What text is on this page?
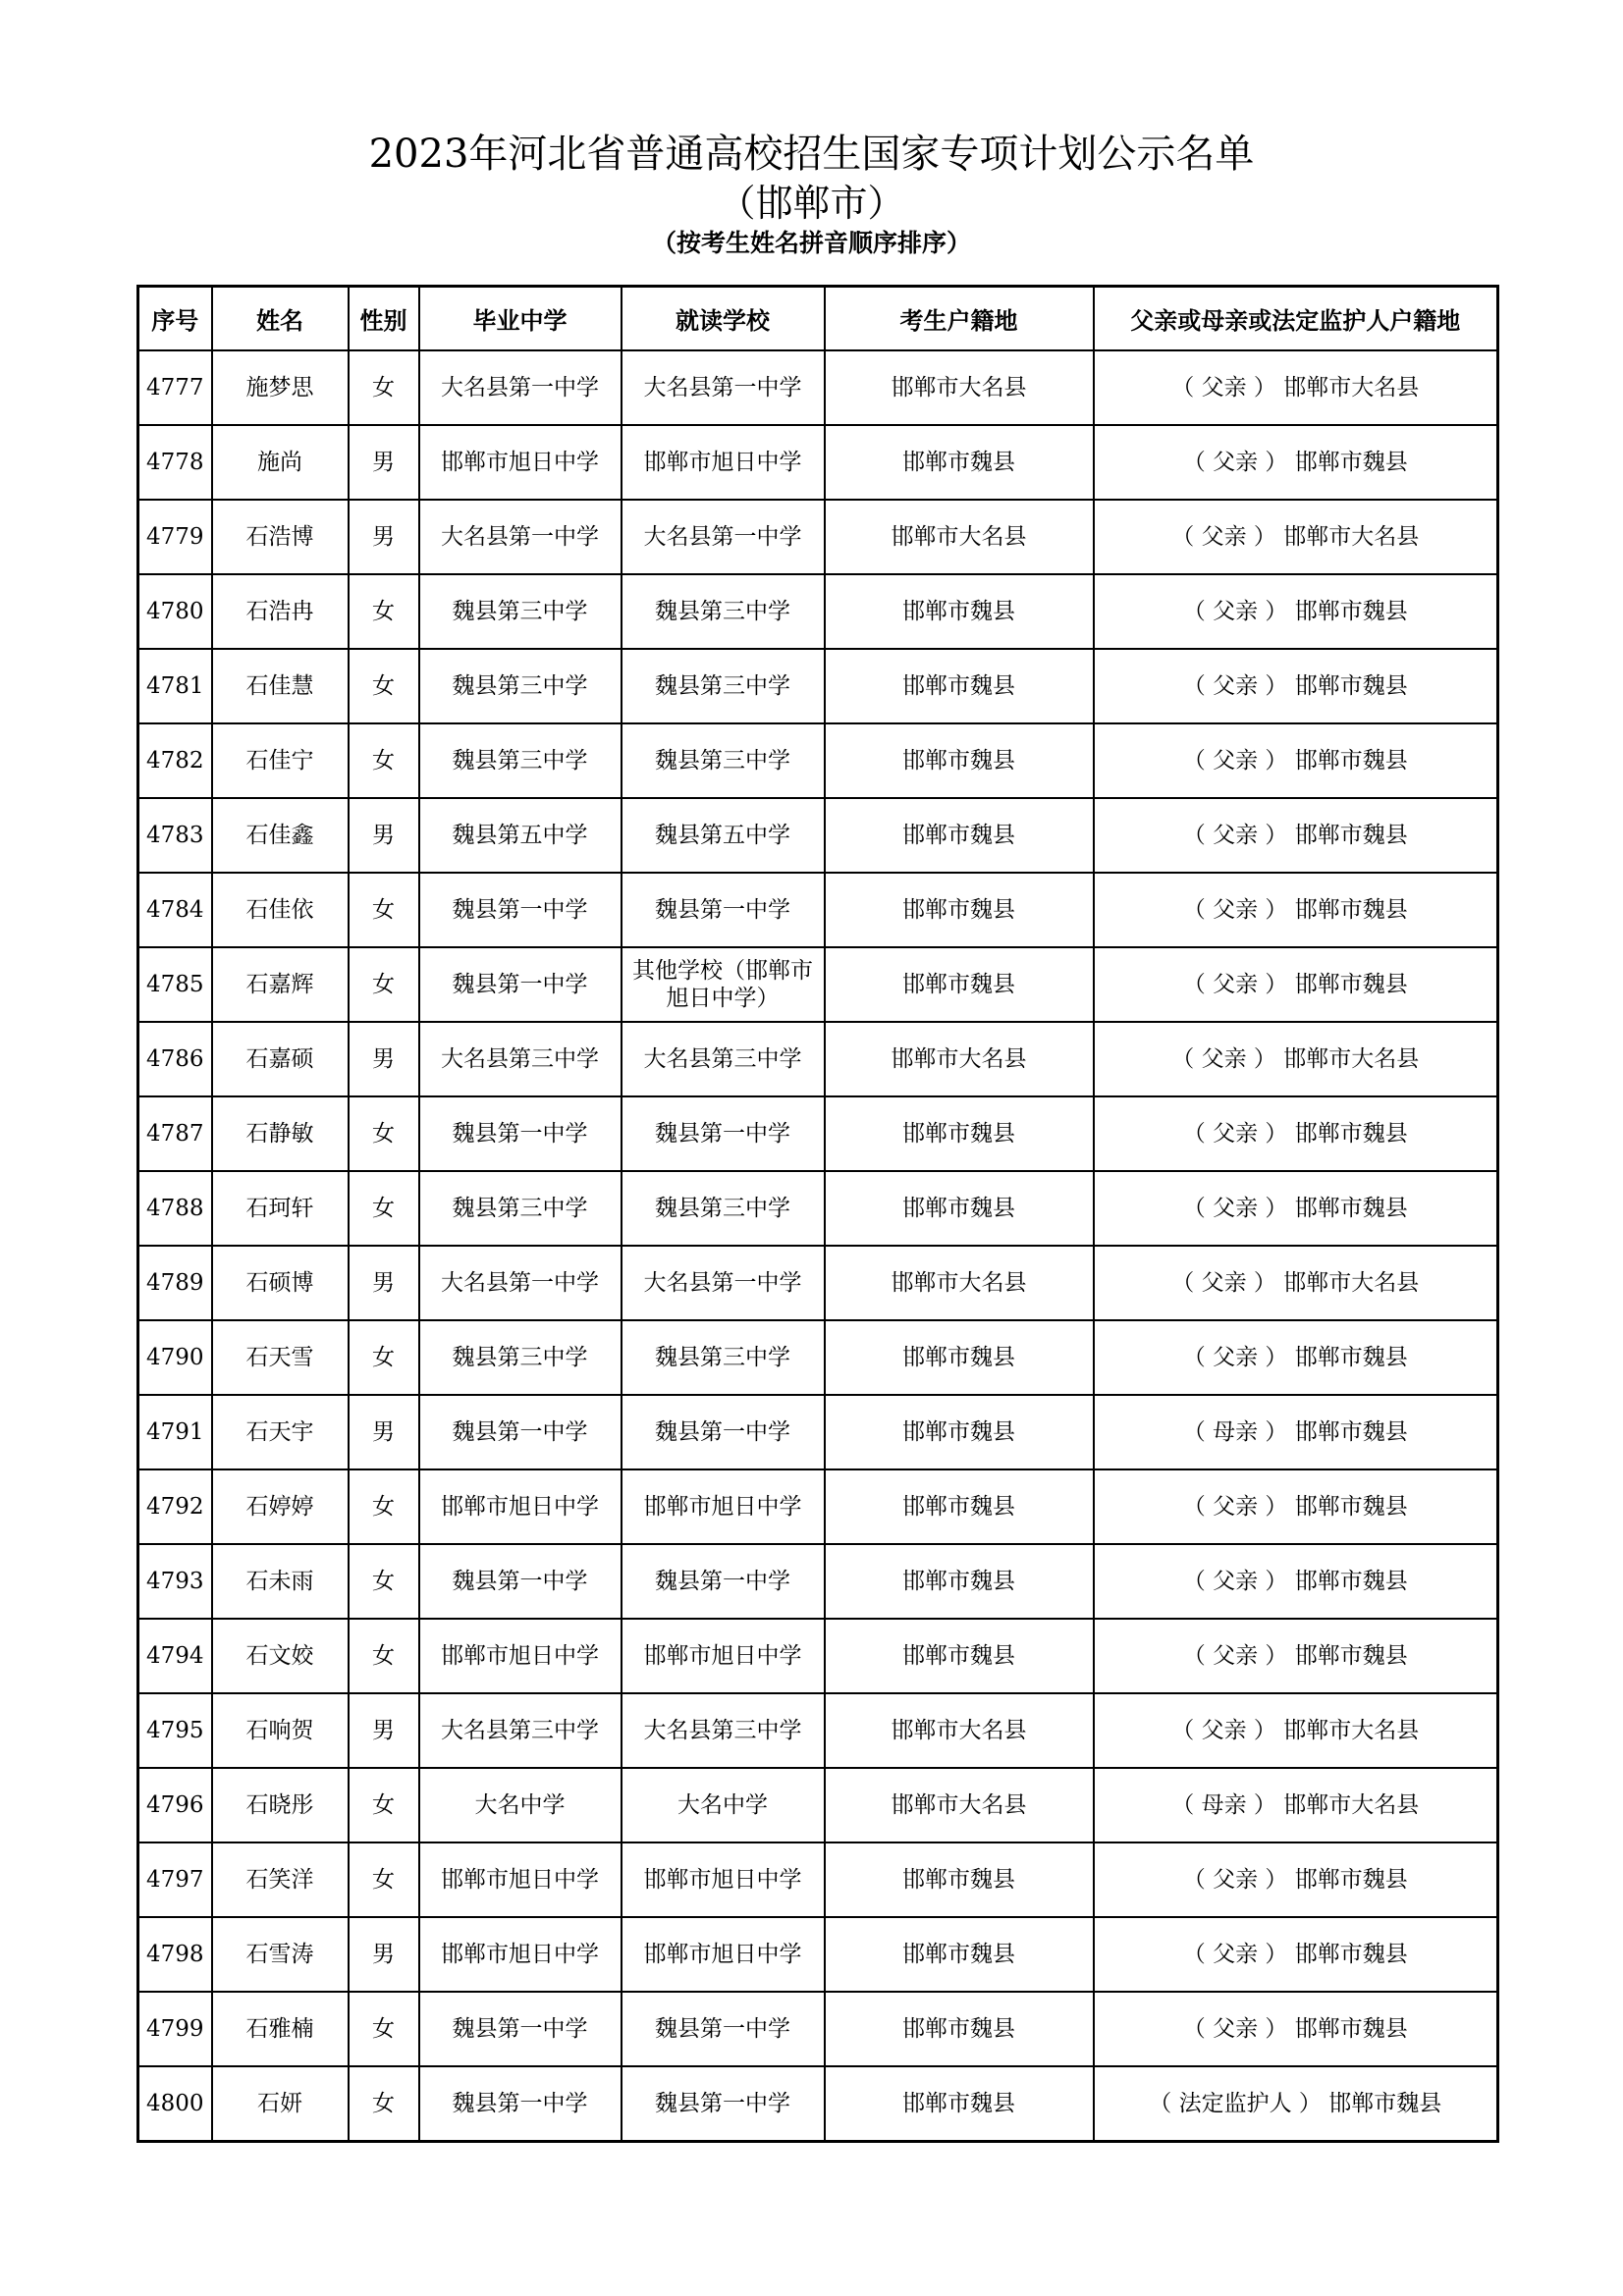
2023年河北省普通高校招生国家专项计划公示名单
（邯郸市）
（按考生姓名拼音顺序排序）
序号	姓名	性别	毕业中学	就读学校	考生户籍地	父亲或母亲或法定监护人户籍地
4777	施梦思	女	大名县第一中学	大名县第一中学	邯郸市大名县	（ 父亲 ） 邯郸市大名县
4778	施尚	男	邯郸市旭日中学	邯郸市旭日中学	邯郸市魏县	（ 父亲 ） 邯郸市魏县
4779	石浩博	男	大名县第一中学	大名县第一中学	邯郸市大名县	（ 父亲 ） 邯郸市大名县
4780	石浩冉	女	魏县第三中学	魏县第三中学	邯郸市魏县	（ 父亲 ） 邯郸市魏县
4781	石佳慧	女	魏县第三中学	魏县第三中学	邯郸市魏县	（ 父亲 ） 邯郸市魏县
4782	石佳宁	女	魏县第三中学	魏县第三中学	邯郸市魏县	（ 父亲 ） 邯郸市魏县
4783	石佳鑫	男	魏县第五中学	魏县第五中学	邯郸市魏县	（ 父亲 ） 邯郸市魏县
4784	石佳依	女	魏县第一中学	魏县第一中学	邯郸市魏县	（ 父亲 ） 邯郸市魏县
4785	石嘉辉	女	魏县第一中学	其他学校（邯郸市旭日中学）	邯郸市魏县	（ 父亲 ） 邯郸市魏县
4786	石嘉硕	男	大名县第三中学	大名县第三中学	邯郸市大名县	（ 父亲 ） 邯郸市大名县
4787	石静敏	女	魏县第一中学	魏县第一中学	邯郸市魏县	（ 父亲 ） 邯郸市魏县
4788	石珂轩	女	魏县第三中学	魏县第三中学	邯郸市魏县	（ 父亲 ） 邯郸市魏县
4789	石硕博	男	大名县第一中学	大名县第一中学	邯郸市大名县	（ 父亲 ） 邯郸市大名县
4790	石天雪	女	魏县第三中学	魏县第三中学	邯郸市魏县	（ 父亲 ） 邯郸市魏县
4791	石天宇	男	魏县第一中学	魏县第一中学	邯郸市魏县	（ 母亲 ） 邯郸市魏县
4792	石婷婷	女	邯郸市旭日中学	邯郸市旭日中学	邯郸市魏县	（ 父亲 ） 邯郸市魏县
4793	石未雨	女	魏县第一中学	魏县第一中学	邯郸市魏县	（ 父亲 ） 邯郸市魏县
4794	石文姣	女	邯郸市旭日中学	邯郸市旭日中学	邯郸市魏县	（ 父亲 ） 邯郸市魏县
4795	石响贺	男	大名县第三中学	大名县第三中学	邯郸市大名县	（ 父亲 ） 邯郸市大名县
4796	石晓彤	女	大名中学	大名中学	邯郸市大名县	（ 母亲 ） 邯郸市大名县
4797	石笑洋	女	邯郸市旭日中学	邯郸市旭日中学	邯郸市魏县	（ 父亲 ） 邯郸市魏县
4798	石雪涛	男	邯郸市旭日中学	邯郸市旭日中学	邯郸市魏县	（ 父亲 ） 邯郸市魏县
4799	石雅楠	女	魏县第一中学	魏县第一中学	邯郸市魏县	（ 父亲 ） 邯郸市魏县
4800	石妍	女	魏县第一中学	魏县第一中学	邯郸市魏县	（ 法定监护人 ） 邯郸市魏县
